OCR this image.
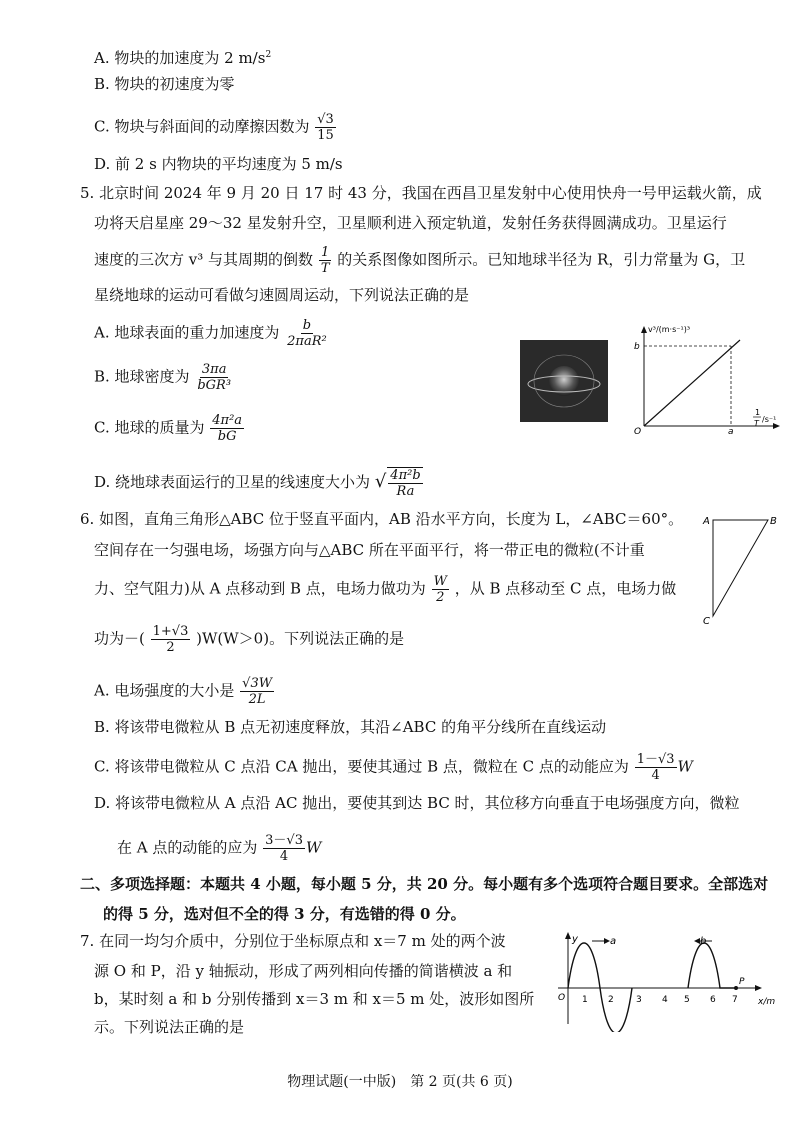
A. 物块的加速度为 2 $m/s^2$
B. 物块的初速度为零
C. 物块与斜面间的动摩擦因数为 $\frac{√3}{15}$
D. 前 2 s 内物块的平均速度为 5 m/s
5. 北京时间 2024 年 9 月 20 日 17 时 43 分，我国在西昌卫星发射中心使用快舟一号甲运载火箭，成
功将天启星座 29～32 星发射升空，卫星顺利进入预定轨道，发射任务获得圆满成功。卫星运行
速度的三次方 v³ 与其周期的倒数 $\frac{1}{T}$ 的关系图像如图所示。已知地球半径为 R，引力常量为 G，卫
星绕地球的运动可看做匀速圆周运动，下列说法正确的是
A. 地球表面的重力加速度为 $\frac{b}{\text{2πaR²}}$
B. 地球密度为 $\frac{3\pi a}{\text{bGR³}}$
C. 地球的质量为 $\frac{\text{4π²a}}{bG}$
D. 绕地球表面运行的卫星的线速度大小为 √ $\frac{\text{4π²b}}{Ra}$
v³/(m·s⁻¹)³
b
O	a
1
T /s⁻¹
6. 如图，直角三角形△ABC 位于竖直平面内，AB 沿水平方向，长度为 L，∠ABC＝60°。
空间存在一匀强电场，场强方向与△ABC 所在平面平行，将一带正电的微粒(不计重
力、空气阻力)从 A 点移动到 B 点，电场力做功为 $\frac{W}{2}$ ，从 B 点移动至 C 点，电场力做
功为－( $\frac{1+√3}{2} )W(W>0)$。下列说法正确的是
A	B
C
A. 电场强度的大小是 $\frac{√3W}{2L}$
B. 将该带电微粒从 B 点无初速度释放，其沿∠ABC 的角平分线所在直线运动
C. 将该带电微粒从 C 点沿 CA 抛出，要使其通过 B 点，微粒在 C 点的动能应为 $\frac{1-√3}{4}$ W
D. 将该带电微粒从 A 点沿 AC 抛出，要使其到达 BC 时，其位移方向垂直于电场强度方向，微粒
在 A 点的动能的应为 $\frac{3-√3}{4}$ W
二、多项选择题：本题共 4 小题，每小题 5 分，共 20 分。每小题有多个选项符合题目要求。全部选对
的得 5 分，选对但不全的得 3 分，有选错的得 0 分。
7. 在同一均匀介质中，分别位于坐标原点和 x＝7 m 处的两个波
源 O 和 P，沿 y 轴振动，形成了两列相向传播的简谐横波 a 和
b，某时刻 a 和 b 分别传播到 x＝3 m 和 x＝5 m 处，波形如图所
示。下列说法正确的是
y	a	b
O
P
x/m
1 2 3 4 5 6 7
物理试题(一中版)　第 2 页(共 6 页)
